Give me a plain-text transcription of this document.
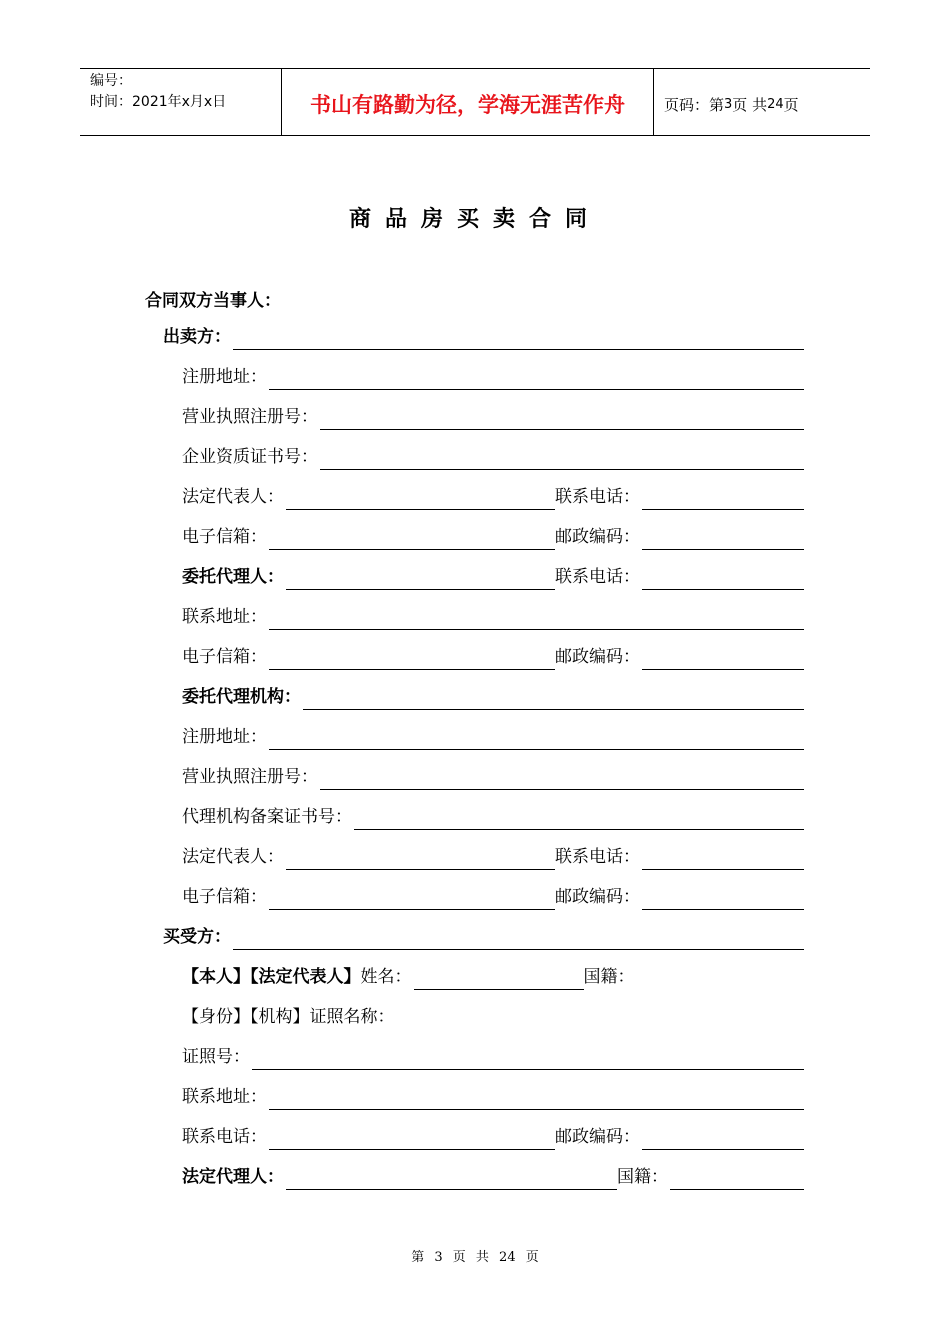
编号：
时间：2021年x月x日	书山有路勤为径，学海无涯苦作舟	页码：第 3 页 共 24 页
商品房买卖合同
合同双方当事人：
出卖方：
注册地址：
营业执照注册号：
企业资质证书号：
法定代表人：	联系电话：
电子信箱：	邮政编码：
委托代理人：	联系电话：
联系地址：
电子信箱：	邮政编码：
委托代理机构：
注册地址：
营业执照注册号：
代理机构备案证书号：
法定代表人：	联系电话：
电子信箱：	邮政编码：
买受方：
【本人】【法定代表人】 姓名：	国籍：
【身份】【机构】 证照名称：
证照号：
联系地址：
联系电话：	邮政编码：
法定代理人：	国籍：
第 3 页 共 24 页
